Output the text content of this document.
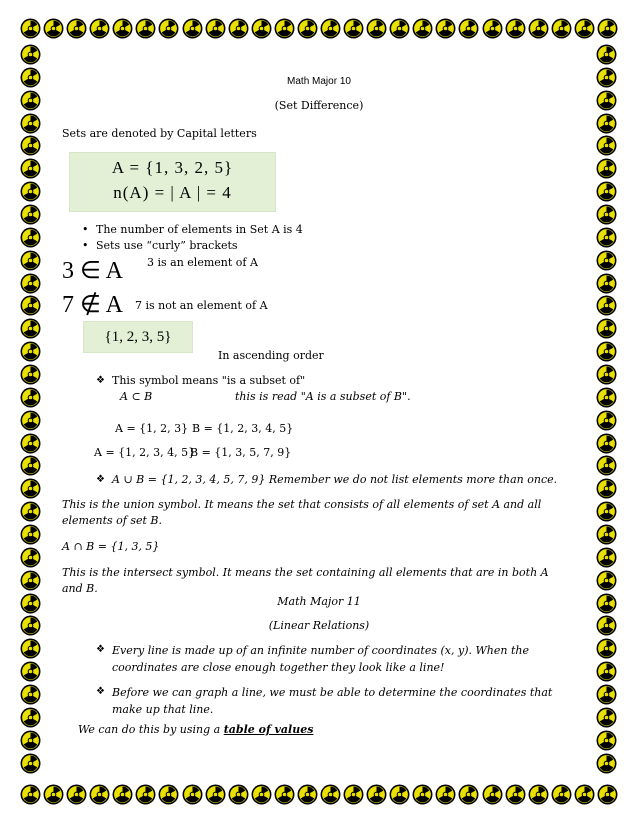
Math Major 10
(Set Difference)
Sets are denoted by Capital letters
A = {1, 3, 2, 5}
n(A) = | A | = 4
• The number of elements in Set A is 4
• Sets use “curly” brackets
3 ∈ A 3 is an element of A
7 ∉ A 7 is not an element of A
{1, 2, 3, 5}
In ascending order
❖ This symbol means "is a subset of"
A ⊂ B	this is read "A is a subset of B".
A = {1, 2, 3} B = {1, 2, 3, 4, 5}
A = {1, 2, 3, 4, 5}
B = {1, 3, 5, 7, 9}
❖ A ∪ B = {1, 2, 3, 4, 5, 7, 9} Remember we do not list elements more than once.
This is the union symbol. It means the set that consists of all elements of set A and all elements of set B.
A ∩ B = {1, 3, 5}
This is the intersect symbol. It means the set containing all elements that are in both A and B.
Math Major 11
(Linear Relations)
❖ Every line is made up of an infinite number of coordinates (x, y). When the coordinates are close enough together they look like a line!
❖ Before we can graph a line, we must be able to determine the coordinates that make up that line.
We can do this by using a table of values
